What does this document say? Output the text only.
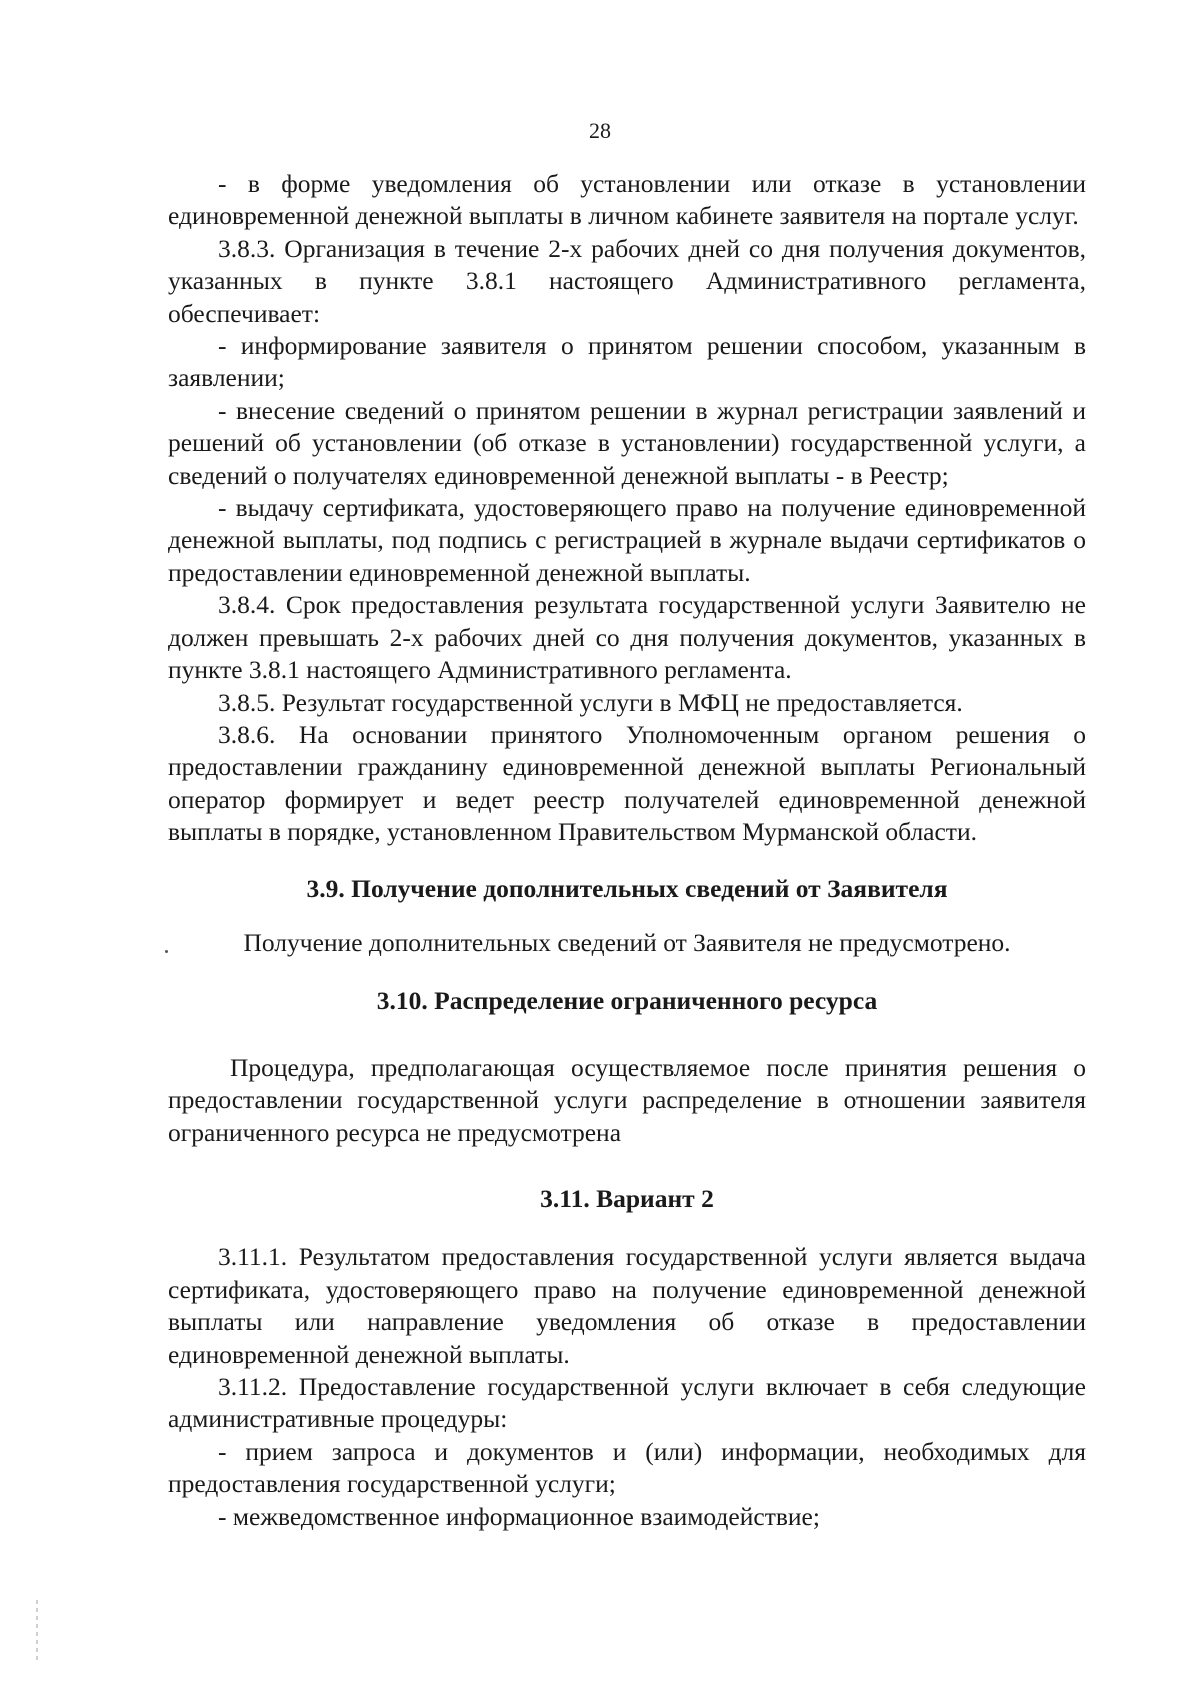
28

- в форме уведомления об установлении или отказе в установлении единовременной денежной выплаты в личном кабинете заявителя на портале услуг.

3.8.3. Организация в течение 2-х рабочих дней со дня получения документов, указанных в пункте 3.8.1 настоящего Административного регламента, обеспечивает:

- информирование заявителя о принятом решении способом, указанным в заявлении;

- внесение сведений о принятом решении в журнал регистрации заявлений и решений об установлении (об отказе в установлении) государственной услуги, а сведений о получателях единовременной денежной выплаты - в Реестр;

- выдачу сертификата, удостоверяющего право на получение единовременной денежной выплаты, под подпись с регистрацией в журнале выдачи сертификатов о предоставлении единовременной денежной выплаты.

3.8.4. Срок предоставления результата государственной услуги Заявителю не должен превышать 2-х рабочих дней со дня получения документов, указанных в пункте 3.8.1 настоящего Административного регламента.

3.8.5. Результат государственной услуги в МФЦ не предоставляется.

3.8.6. На основании принятого Уполномоченным органом решения о предоставлении гражданину единовременной денежной выплаты Региональный оператор формирует и ведет реестр получателей единовременной денежной выплаты в порядке, установленном Правительством Мурманской области.

3.9. Получение дополнительных сведений от Заявителя

Получение дополнительных сведений от Заявителя не предусмотрено.

3.10. Распределение ограниченного ресурса

Процедура, предполагающая осуществляемое после принятия решения о предоставлении государственной услуги распределение в отношении заявителя ограниченного ресурса не предусмотрена

3.11. Вариант 2

3.11.1. Результатом предоставления государственной услуги является выдача сертификата, удостоверяющего право на получение единовременной денежной выплаты или направление уведомления об отказе в предоставлении единовременной денежной выплаты.

3.11.2. Предоставление государственной услуги включает в себя следующие административные процедуры:

- прием запроса и документов и (или) информации, необходимых для предоставления государственной услуги;

- межведомственное информационное взаимодействие;
